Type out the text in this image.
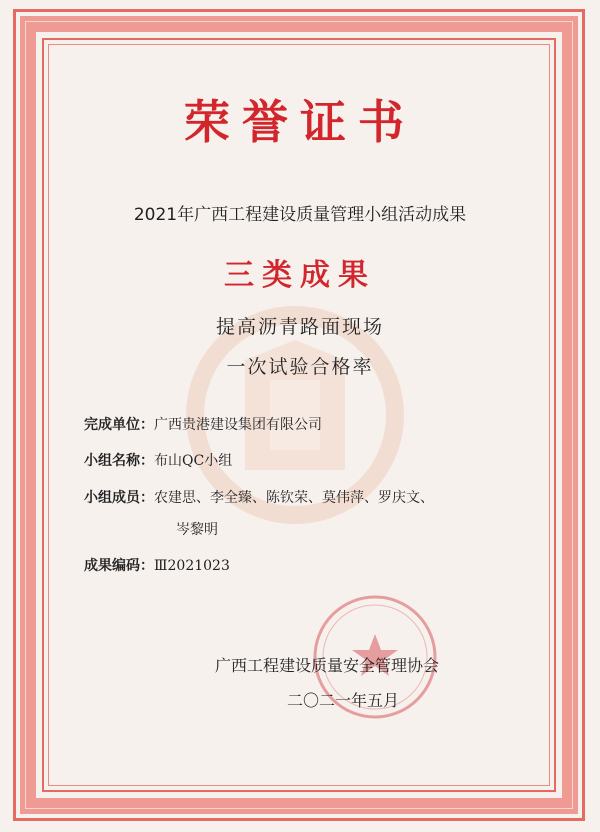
荣誉证书
2021年广西工程建设质量管理小组活动成果
三类成果
提高沥青路面现场
一次试验合格率
完成单位：广西贵港建设集团有限公司
小组名称：布山QC小组
小组成员：农建思、李全臻、陈钦荣、莫伟萍、罗庆文、
岑黎明
成果编码：Ⅲ2021023
广西工程建设质量安全管理协会
二〇二一年五月
